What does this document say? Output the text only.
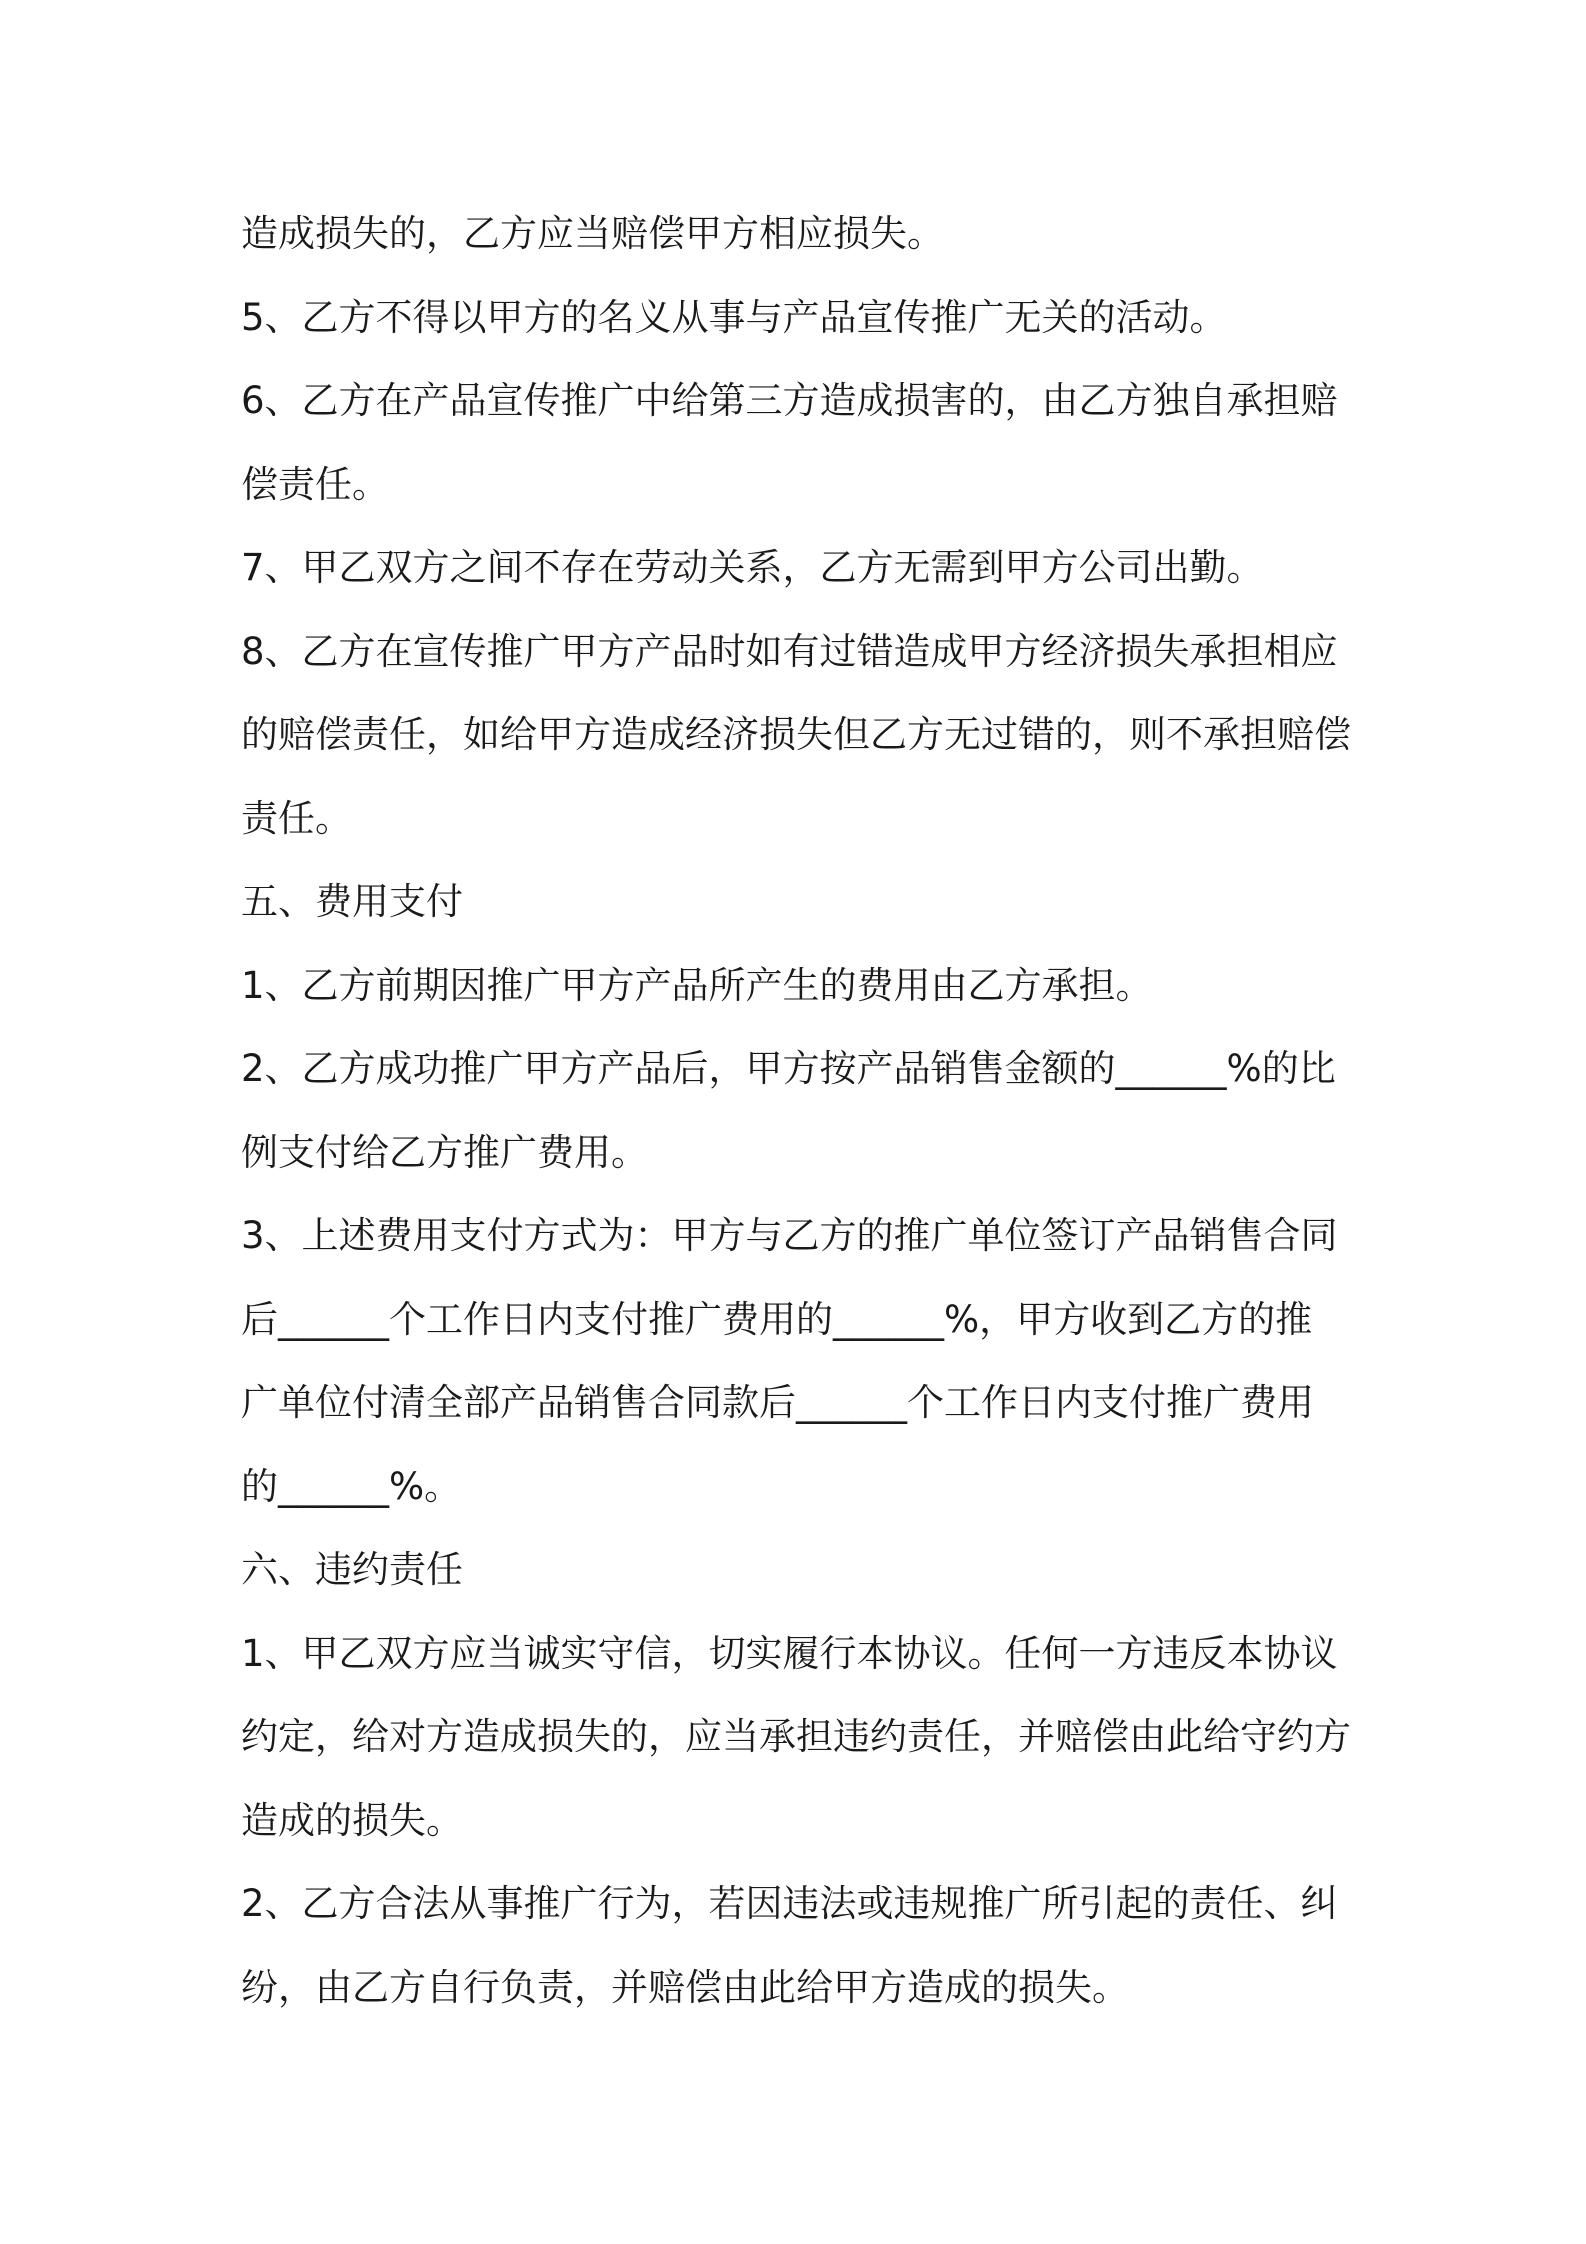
造成损失的，乙方应当赔偿甲方相应损失。
5、乙方不得以甲方的名义从事与产品宣传推广无关的活动。
6、乙方在产品宣传推广中给第三方造成损害的，由乙方独自承担赔
偿责任。
7、甲乙双方之间不存在劳动关系，乙方无需到甲方公司出勤。
8、乙方在宣传推广甲方产品时如有过错造成甲方经济损失承担相应
的赔偿责任，如给甲方造成经济损失但乙方无过错的，则不承担赔偿
责任。
五、费用支付
1、乙方前期因推广甲方产品所产生的费用由乙方承担。
2、乙方成功推广甲方产品后，甲方按产品销售金额的______%的比
例支付给乙方推广费用。
3、上述费用支付方式为：甲方与乙方的推广单位签订产品销售合同
后______个工作日内支付推广费用的______%，甲方收到乙方的推
广单位付清全部产品销售合同款后______个工作日内支付推广费用
的______%。
六、违约责任
1、甲乙双方应当诚实守信，切实履行本协议。任何一方违反本协议
约定，给对方造成损失的，应当承担违约责任，并赔偿由此给守约方
造成的损失。
2、乙方合法从事推广行为，若因违法或违规推广所引起的责任、纠
纷，由乙方自行负责，并赔偿由此给甲方造成的损失。
